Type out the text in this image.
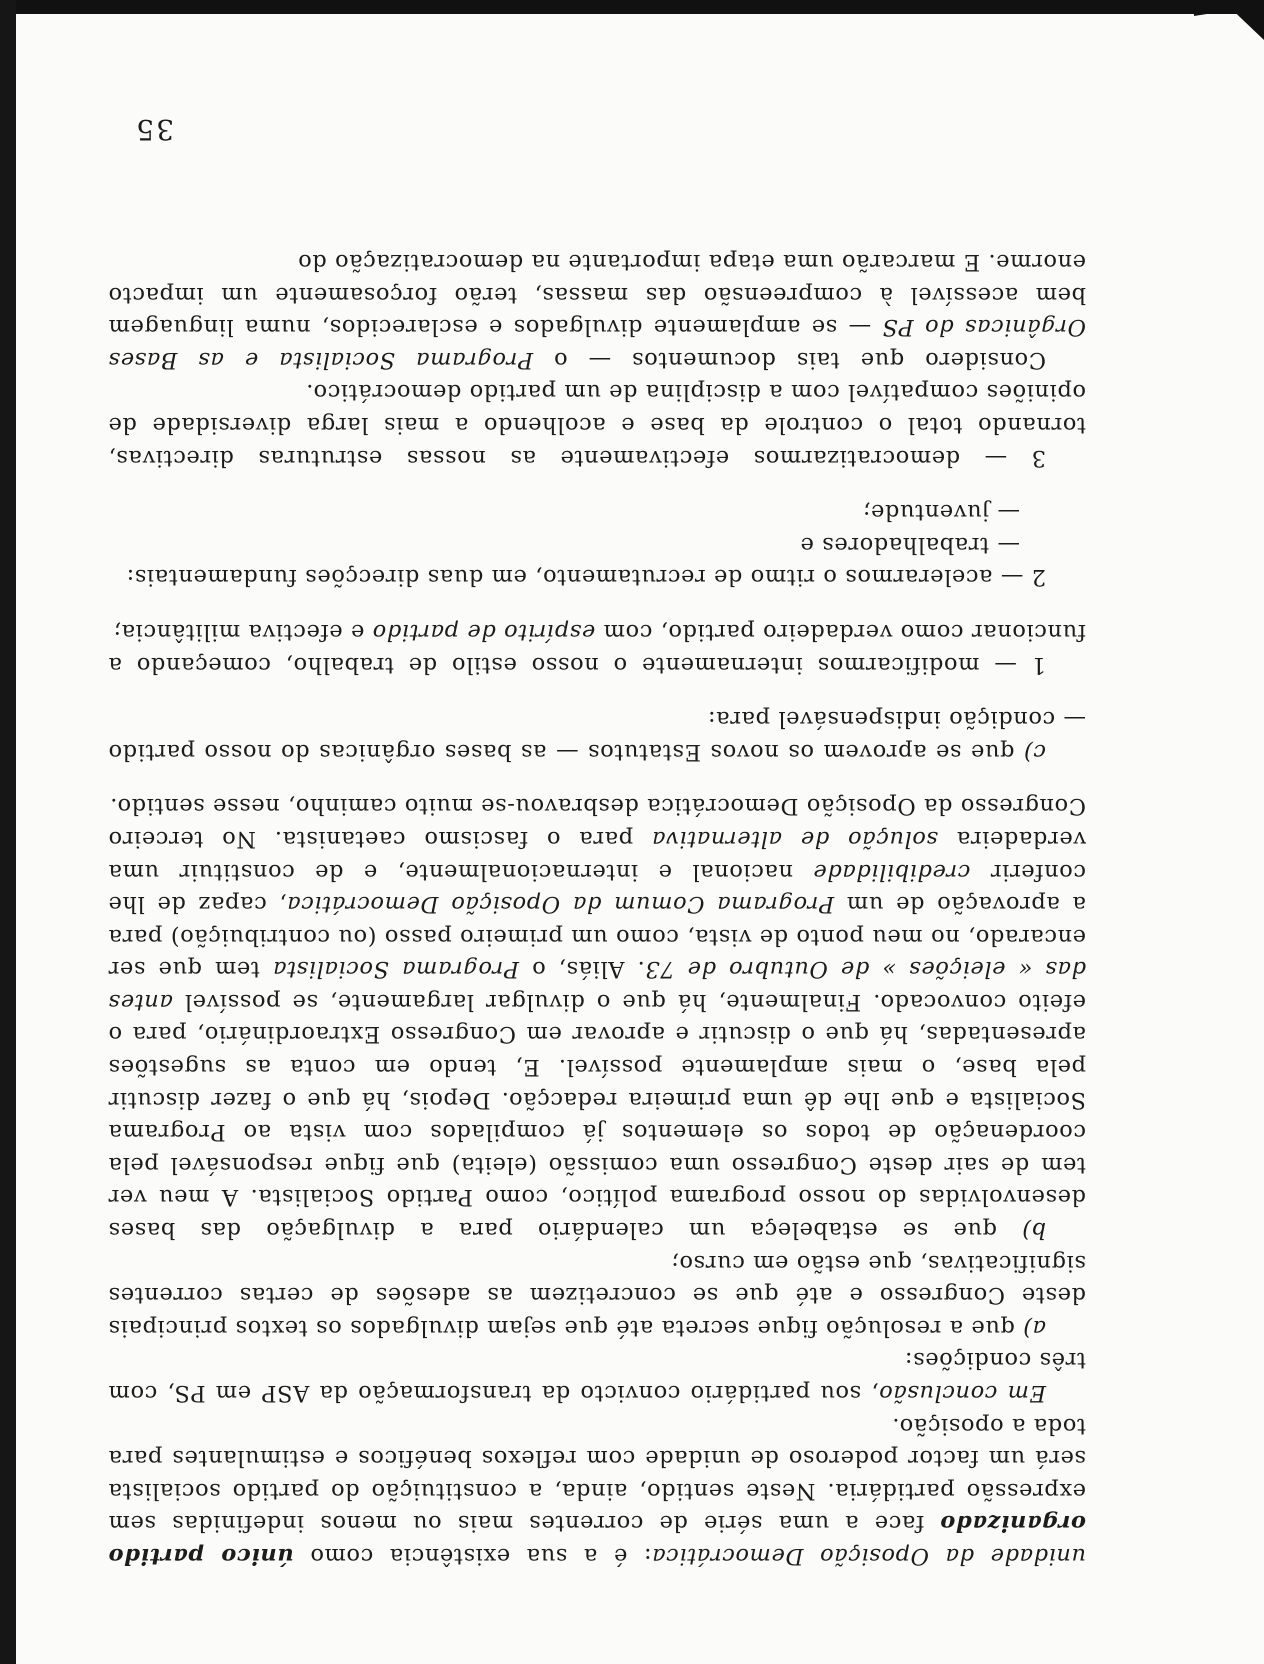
unidade da Oposição Democrática: é a sua existência como único partido organizado face a uma série de correntes mais ou menos indefinidas sem expressão partidária. Neste sentido, ainda, a constituição do partido socialista será um factor poderoso de unidade com reflexos benéficos e estimulantes para toda a oposição.

Em conclusão, sou partidário convicto da transformação da ASP em PS, com três condições:

a) que a resolução fique secreta até que sejam divulgados os textos principais deste Congresso e até que se concretizem as adesões de certas correntes significativas, que estão em curso;

b) que se estabeleça um calendário para a divulgação das bases desenvolvidas do nosso programa político, como Partido Socialista. A meu ver tem de sair deste Congresso uma comissão (eleita) que fique responsável pela coordenação de todos os elementos já compilados com vista ao Programa Socialista e que lhe dê uma primeira redacção. Depois, há que o fazer discutir pela base, o mais amplamente possível. E, tendo em conta as sugestões apresentadas, há que o discutir e aprovar em Congresso Extraordinário, para o efeito convocado. Finalmente, há que o divulgar largamente, se possível antes das « eleições » de Outubro de 73. Aliás, o Programa Socialista tem que ser encarado, no meu ponto de vista, como um primeiro passo (ou contribuição) para a aprovação de um Programa Comum da Oposição Democrática, capaz de lhe conferir credibilidade nacional e internacionalmente, e de constituir uma verdadeira solução de alternativa para o fascismo caetanista. No terceiro Congresso da Oposição Democrática desbravou-se muito caminho, nesse sentido.

c) que se aprovem os novos Estatutos — as bases orgânicas do nosso partido — condição indispensável para:

1 — modificarmos internamente o nosso estilo de trabalho, começando a funcionar como verdadeiro partido, com espírito de partido e efectiva militância;

2 — acelerarmos o ritmo de recrutamento, em duas direcções fundamentais:

— trabalhadores e

— juventude;

3 — democratizarmos efectivamente as nossas estruturas directivas, tornando total o controle da base e acolhendo a mais larga diversidade de opiniões compatível com a disciplina de um partido democrático.

Considero que tais documentos — o Programa Socialista e as Bases Orgânicas do PS — se amplamente divulgados e esclarecidos, numa linguagem bem acessível à compreensão das massas, terão forçosamente um impacto enorme. E marcarão uma etapa importante na democratização do

35
